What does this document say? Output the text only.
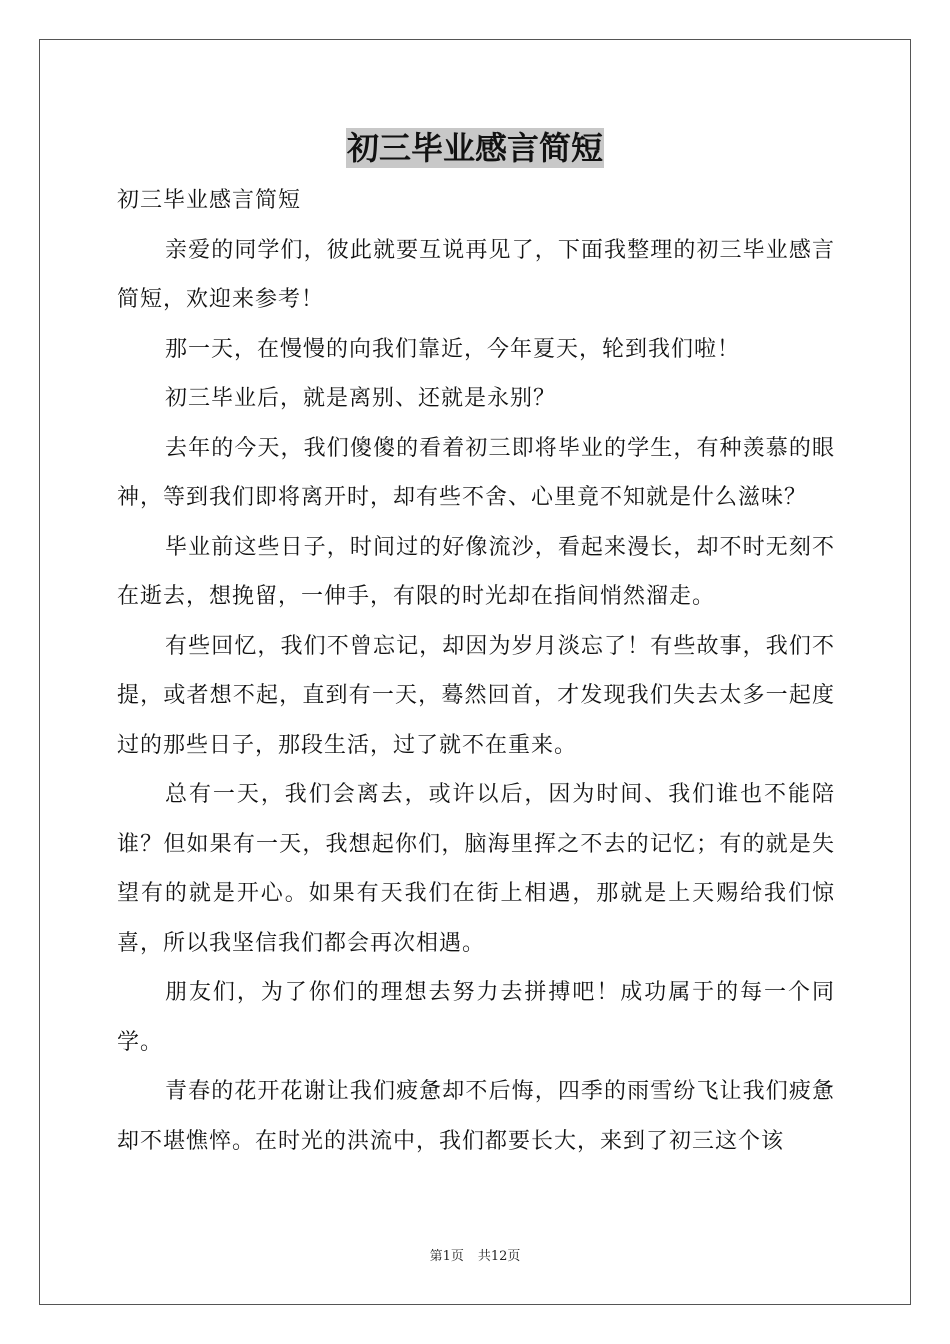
初三毕业感言简短

初三毕业感言简短

亲爱的同学们，彼此就要互说再见了，下面我整理的初三毕业感言简短，欢迎来参考！

那一天，在慢慢的向我们靠近，今年夏天，轮到我们啦！

初三毕业后，就是离别、还就是永别？

去年的今天，我们傻傻的看着初三即将毕业的学生，有种羡慕的眼神，等到我们即将离开时，却有些不舍、心里竟不知就是什么滋味？

毕业前这些日子，时间过的好像流沙，看起来漫长，却不时无刻不在逝去，想挽留，一伸手，有限的时光却在指间悄然溜走。

有些回忆，我们不曾忘记，却因为岁月淡忘了！有些故事，我们不提，或者想不起，直到有一天，蓦然回首，才发现我们失去太多一起度过的那些日子，那段生活，过了就不在重来。

总有一天，我们会离去，或许以后，因为时间、我们谁也不能陪谁？但如果有一天，我想起你们，脑海里挥之不去的记忆；有的就是失望有的就是开心。如果有天我们在街上相遇，那就是上天赐给我们惊喜，所以我坚信我们都会再次相遇。

朋友们，为了你们的理想去努力去拼搏吧！成功属于的每一个同学。

青春的花开花谢让我们疲惫却不后悔，四季的雨雪纷飞让我们疲惫却不堪憔悴。在时光的洪流中，我们都要长大，来到了初三这个该

第1页 共12页
